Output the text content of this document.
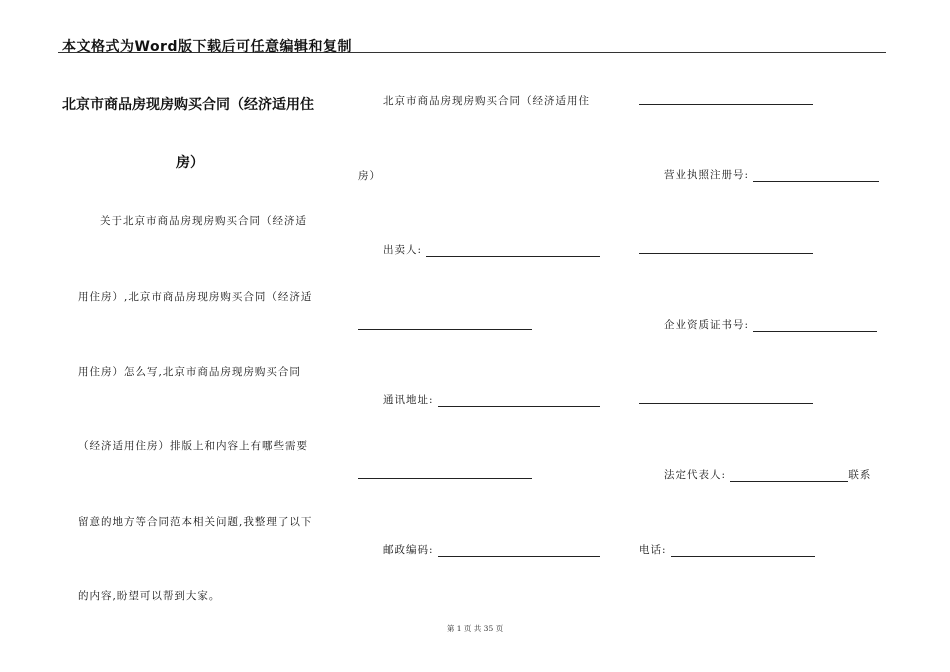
本文格式为Word版下载后可任意编辑和复制
北京市商品房现房购买合同（经济适用住
房）
关于北京市商品房现房购买合同（经济适
用住房）,北京市商品房现房购买合同（经济适
用住房）怎么写,北京市商品房现房购买合同
（经济适用住房）排版上和内容上有哪些需要
留意的地方等合同范本相关问题,我整理了以下
的内容,盼望可以帮到大家。
北京市商品房现房购买合同（经济适用住
房）
出卖人:
通讯地址:
邮政编码:
营业执照注册号:
企业资质证书号:
法定代表人:	联系
电话:
第 1 页 共 35 页
